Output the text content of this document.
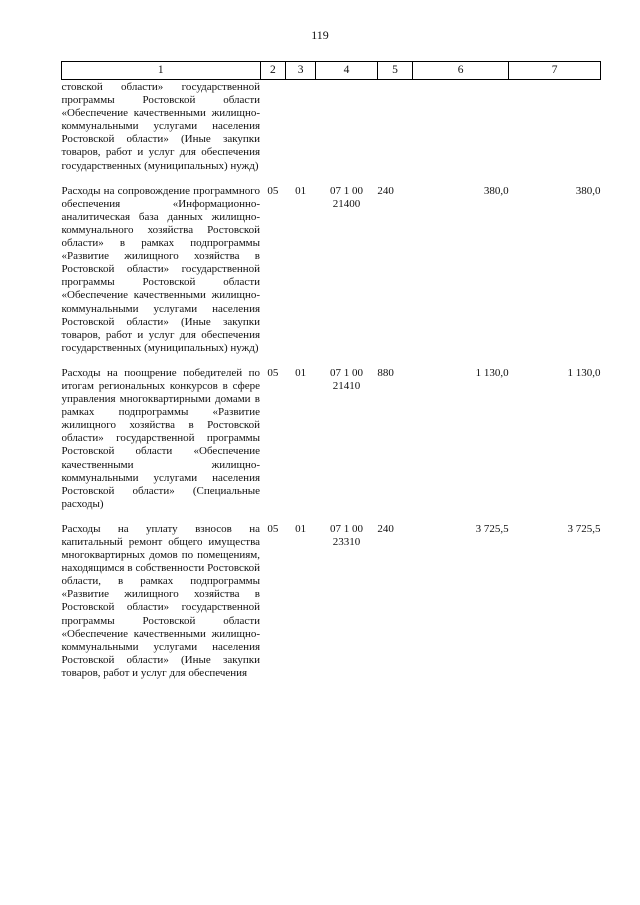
119
1	2	3	4	5	6	7
стовской области» государственной программы Ростовской области «Обеспечение качественными жилищно-коммунальными услугами населения Ростовской области» (Иные закупки товаров, работ и услуг для обеспечения государственных (муниципальных) нужд)						

Расходы на сопровождение программного обеспечения «Информационно-аналитическая база данных жилищно-коммунального хозяйства Ростовской области» в рамках подпрограммы «Развитие жилищного хозяйства в Ростовской области» государственной программы Ростовской области «Обеспечение качественными жилищно-коммунальными услугами населения Ростовской области» (Иные закупки товаров, работ и услуг для обеспечения государственных (муниципальных) нужд)	05	01	07 1 00 21400	240	380,0	380,0

Расходы на поощрение победителей по итогам региональных конкурсов в сфере управления многоквартирными домами в рамках подпрограммы «Развитие жилищного хозяйства в Ростовской области» государственной программы Ростовской области «Обеспечение качественными жилищно-коммунальными услугами населения Ростовской области» (Специальные расходы)	05	01	07 1 00 21410	880	1 130,0	1 130,0

Расходы на уплату взносов на капитальный ремонт общего имущества многоквартирных домов по помещениям, находящимся в собственности Ростовской области, в рамках подпрограммы «Развитие жилищного хозяйства в Ростовской области» государственной программы Ростовской области «Обеспечение качественными жилищно-коммунальными услугами населения Ростовской области» (Иные закупки товаров, работ и услуг для обеспечения	05	01	07 1 00 23310	240	3 725,5	3 725,5
